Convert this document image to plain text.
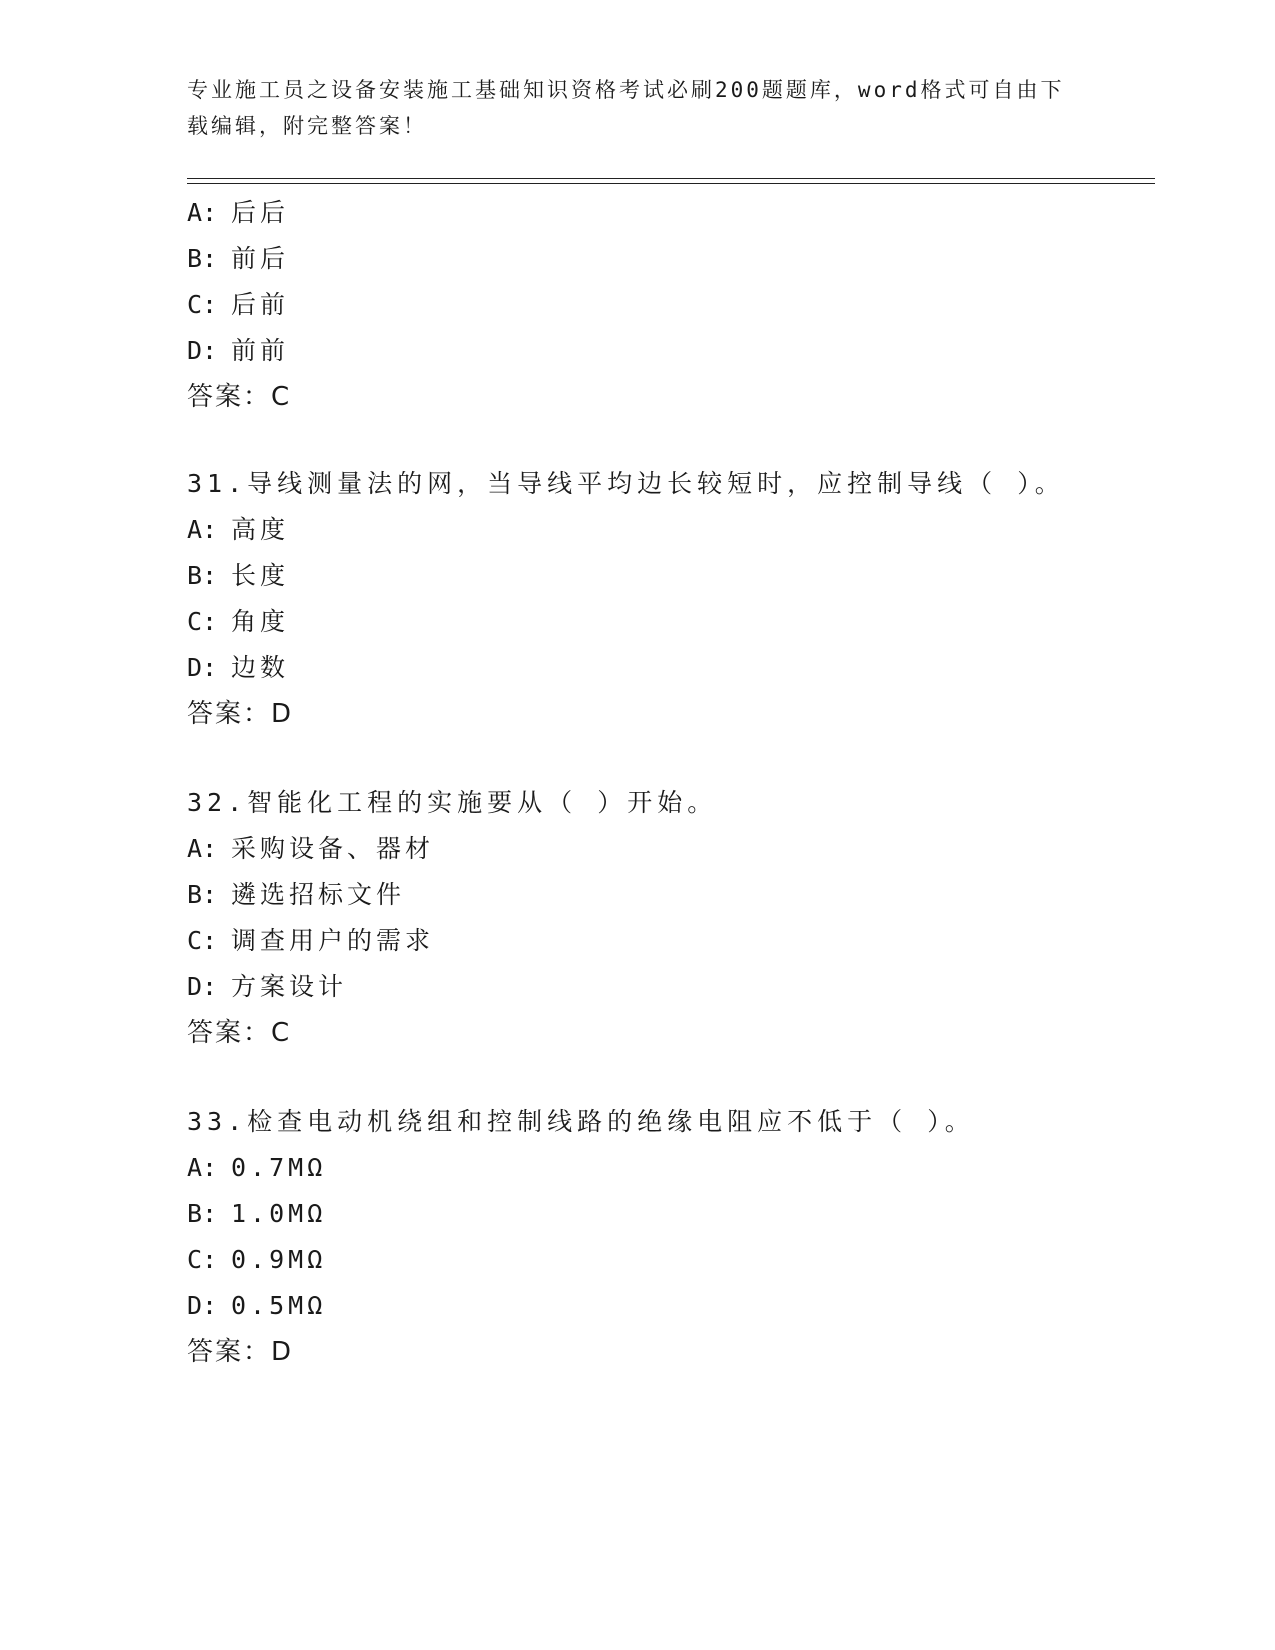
专业施工员之设备安装施工基础知识资格考试必刷200题题库，word格式可自由下载编辑，附完整答案！
A: 后后
B: 前后
C: 后前
D: 前前
答案：C
31.导线测量法的网，当导线平均边长较短时，应控制导线（ ）。
A: 高度
B: 长度
C: 角度
D: 边数
答案：D
32.智能化工程的实施要从（ ）开始。
A: 采购设备、器材
B: 遴选招标文件
C: 调查用户的需求
D: 方案设计
答案：C
33.检查电动机绕组和控制线路的绝缘电阻应不低于（ ）。
A: 0.7MΩ
B: 1.0MΩ
C: 0.9MΩ
D: 0.5MΩ
答案：D
